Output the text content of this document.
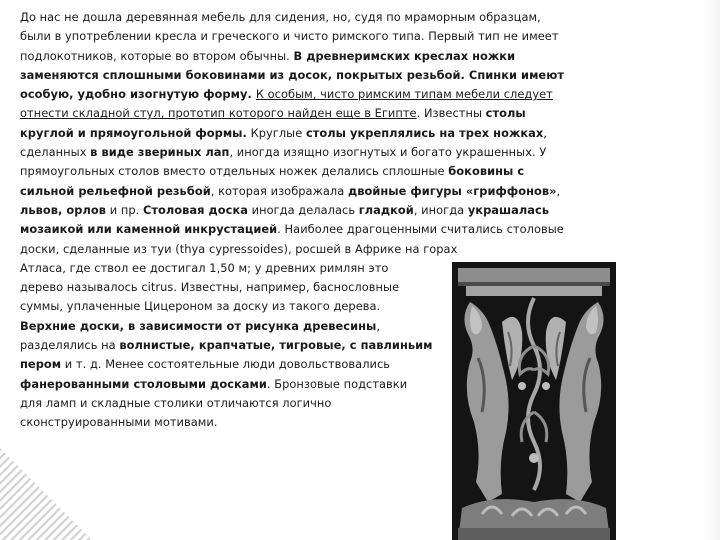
До нас не дошла деревянная мебель для сидения, но, судя по мраморным образцам,
были в употреблении кресла и греческого и чисто римского типа. Первый тип не имеет
подлокотников, которые во втором обычны. В древнеримских креслах ножки
заменяются сплошными боковинами из досок, покрытых резьбой. Спинки имеют
особую, удобно изогнутую форму. К особым, чисто римским типам мебели следует
отнести складной стул, прототип которого найден еще в Египте. Известны столы
круглой и прямоугольной формы. Круглые столы укреплялись на трех ножках,
сделанных в виде звериных лап, иногда изящно изогнутых и богато украшенных. У
прямоугольных столов вместо отдельных ножек делались сплошные боковины с
сильной рельефной резьбой, которая изображала двойные фигуры «гриффонов»,
львов, орлов и пр. Столовая доска иногда делалась гладкой, иногда украшалась
мозаикой или каменной инкрустацией. Наиболее драгоценными считались столовые
доски, сделанные из туи (thya cypressoides), росшей в Африке на горах
Атласа, где ствол ее достигал 1,50 м; у древних римлян это
дерево называлось citrus. Известны, например, баснословные
суммы, уплаченные Цицероном за доску из такого дерева.
Верхние доски, в зависимости от рисунка древесины,
разделялись на волнистые, крапчатые, тигровые, с павлиньим
пером и т. д. Менее состоятельные люди довольствовались
фанерованными столовыми досками. Бронзовые подставки
для ламп и складные столики отличаются логично
сконструированными мотивами.
